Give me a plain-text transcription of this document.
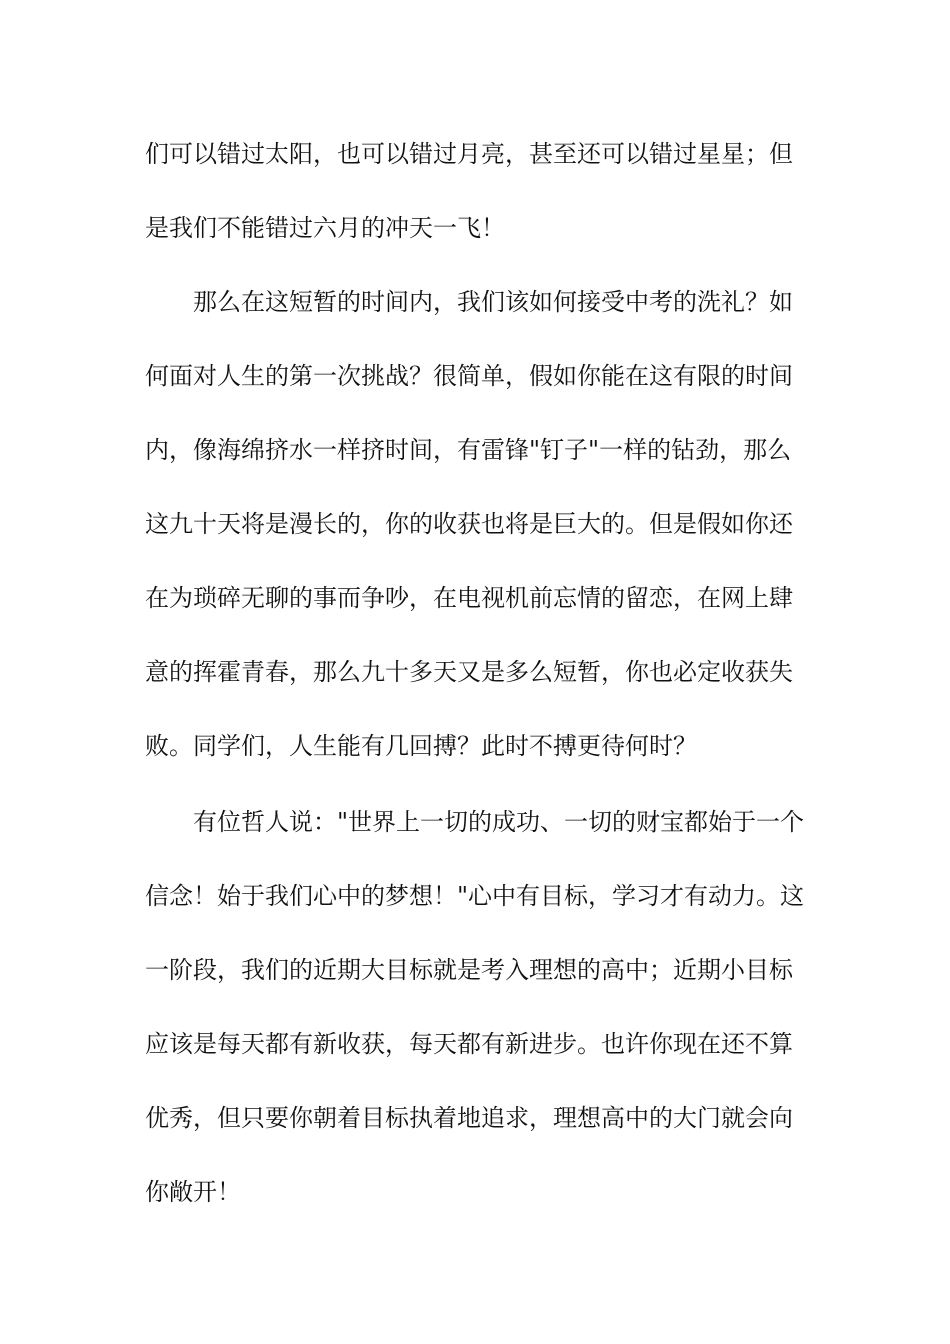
们可以错过太阳，也可以错过月亮，甚至还可以错过星星；但
是我们不能错过六月的冲天一飞！
那么在这短暂的时间内，我们该如何接受中考的洗礼？如
何面对人生的第一次挑战？很简单，假如你能在这有限的时间
内，像海绵挤水一样挤时间，有雷锋"钉子"一样的钻劲，那么
这九十天将是漫长的，你的收获也将是巨大的。但是假如你还
在为琐碎无聊的事而争吵，在电视机前忘情的留恋，在网上肆
意的挥霍青春，那么九十多天又是多么短暂，你也必定收获失
败。同学们，人生能有几回搏？此时不搏更待何时？
有位哲人说："世界上一切的成功、一切的财宝都始于一个
信念！始于我们心中的梦想！"心中有目标，学习才有动力。这
一阶段，我们的近期大目标就是考入理想的高中；近期小目标
应该是每天都有新收获，每天都有新进步。也许你现在还不算
优秀，但只要你朝着目标执着地追求，理想高中的大门就会向
你敞开！
